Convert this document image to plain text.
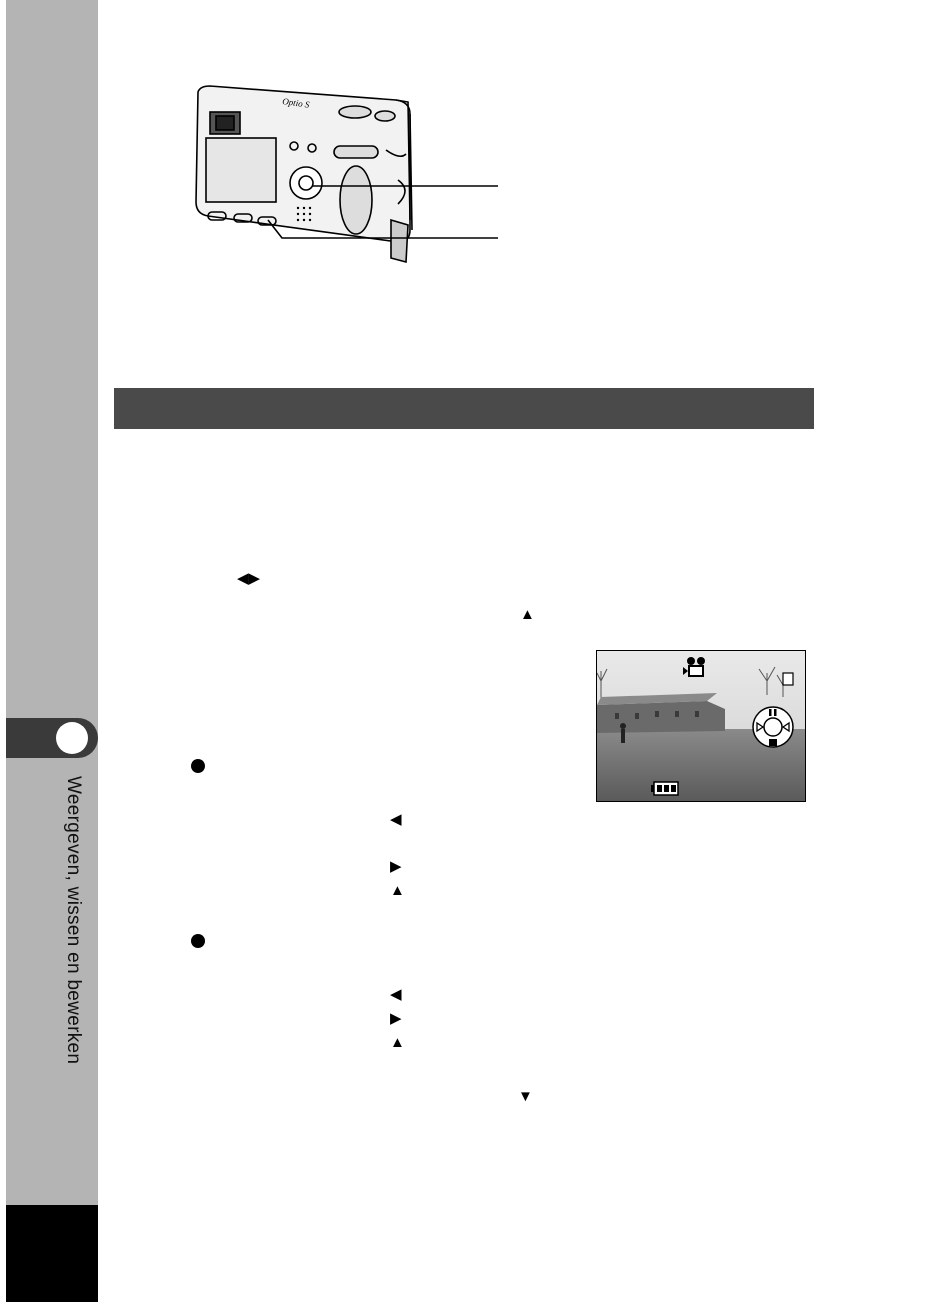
Weergeven, wissen en bewerken
Optio S
◀▶
▲
◀
▶
▲
◀
▶
▲
▼
